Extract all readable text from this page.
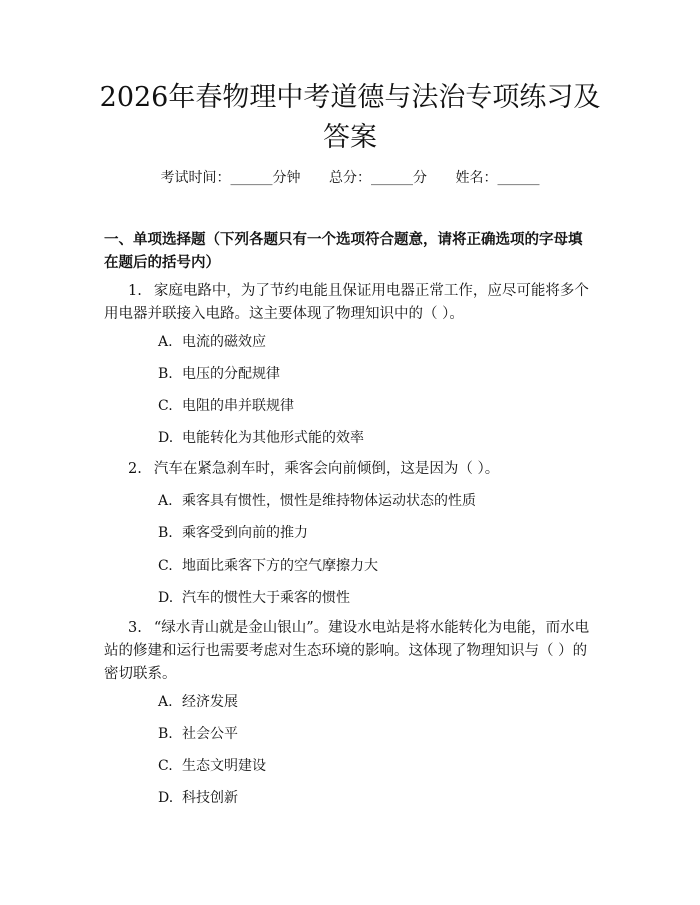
2026年春物理中考道德与法治专项练习及答案
考试时间：______分钟 总分：______分 姓名：______

一、单项选择题（下列各题只有一个选项符合题意，请将正确选项的字母填在题后的括号内）

1. 家庭电路中，为了节约电能且保证用电器正常工作，应尽可能将多个用电器并联接入电路。这主要体现了物理知识中的（ ）。

A. 电流的磁效应

B. 电压的分配规律

C. 电阻的串并联规律

D. 电能转化为其他形式能的效率

2. 汽车在紧急刹车时，乘客会向前倾倒，这是因为（ ）。

A. 乘客具有惯性，惯性是维持物体运动状态的性质

B. 乘客受到向前的推力

C. 地面比乘客下方的空气摩擦力大

D. 汽车的惯性大于乘客的惯性

3. “绿水青山就是金山银山”。建设水电站是将水能转化为电能，而水电站的修建和运行也需要考虑对生态环境的影响。这体现了物理知识与（ ）的密切联系。

A. 经济发展

B. 社会公平

C. 生态文明建设

D. 科技创新
